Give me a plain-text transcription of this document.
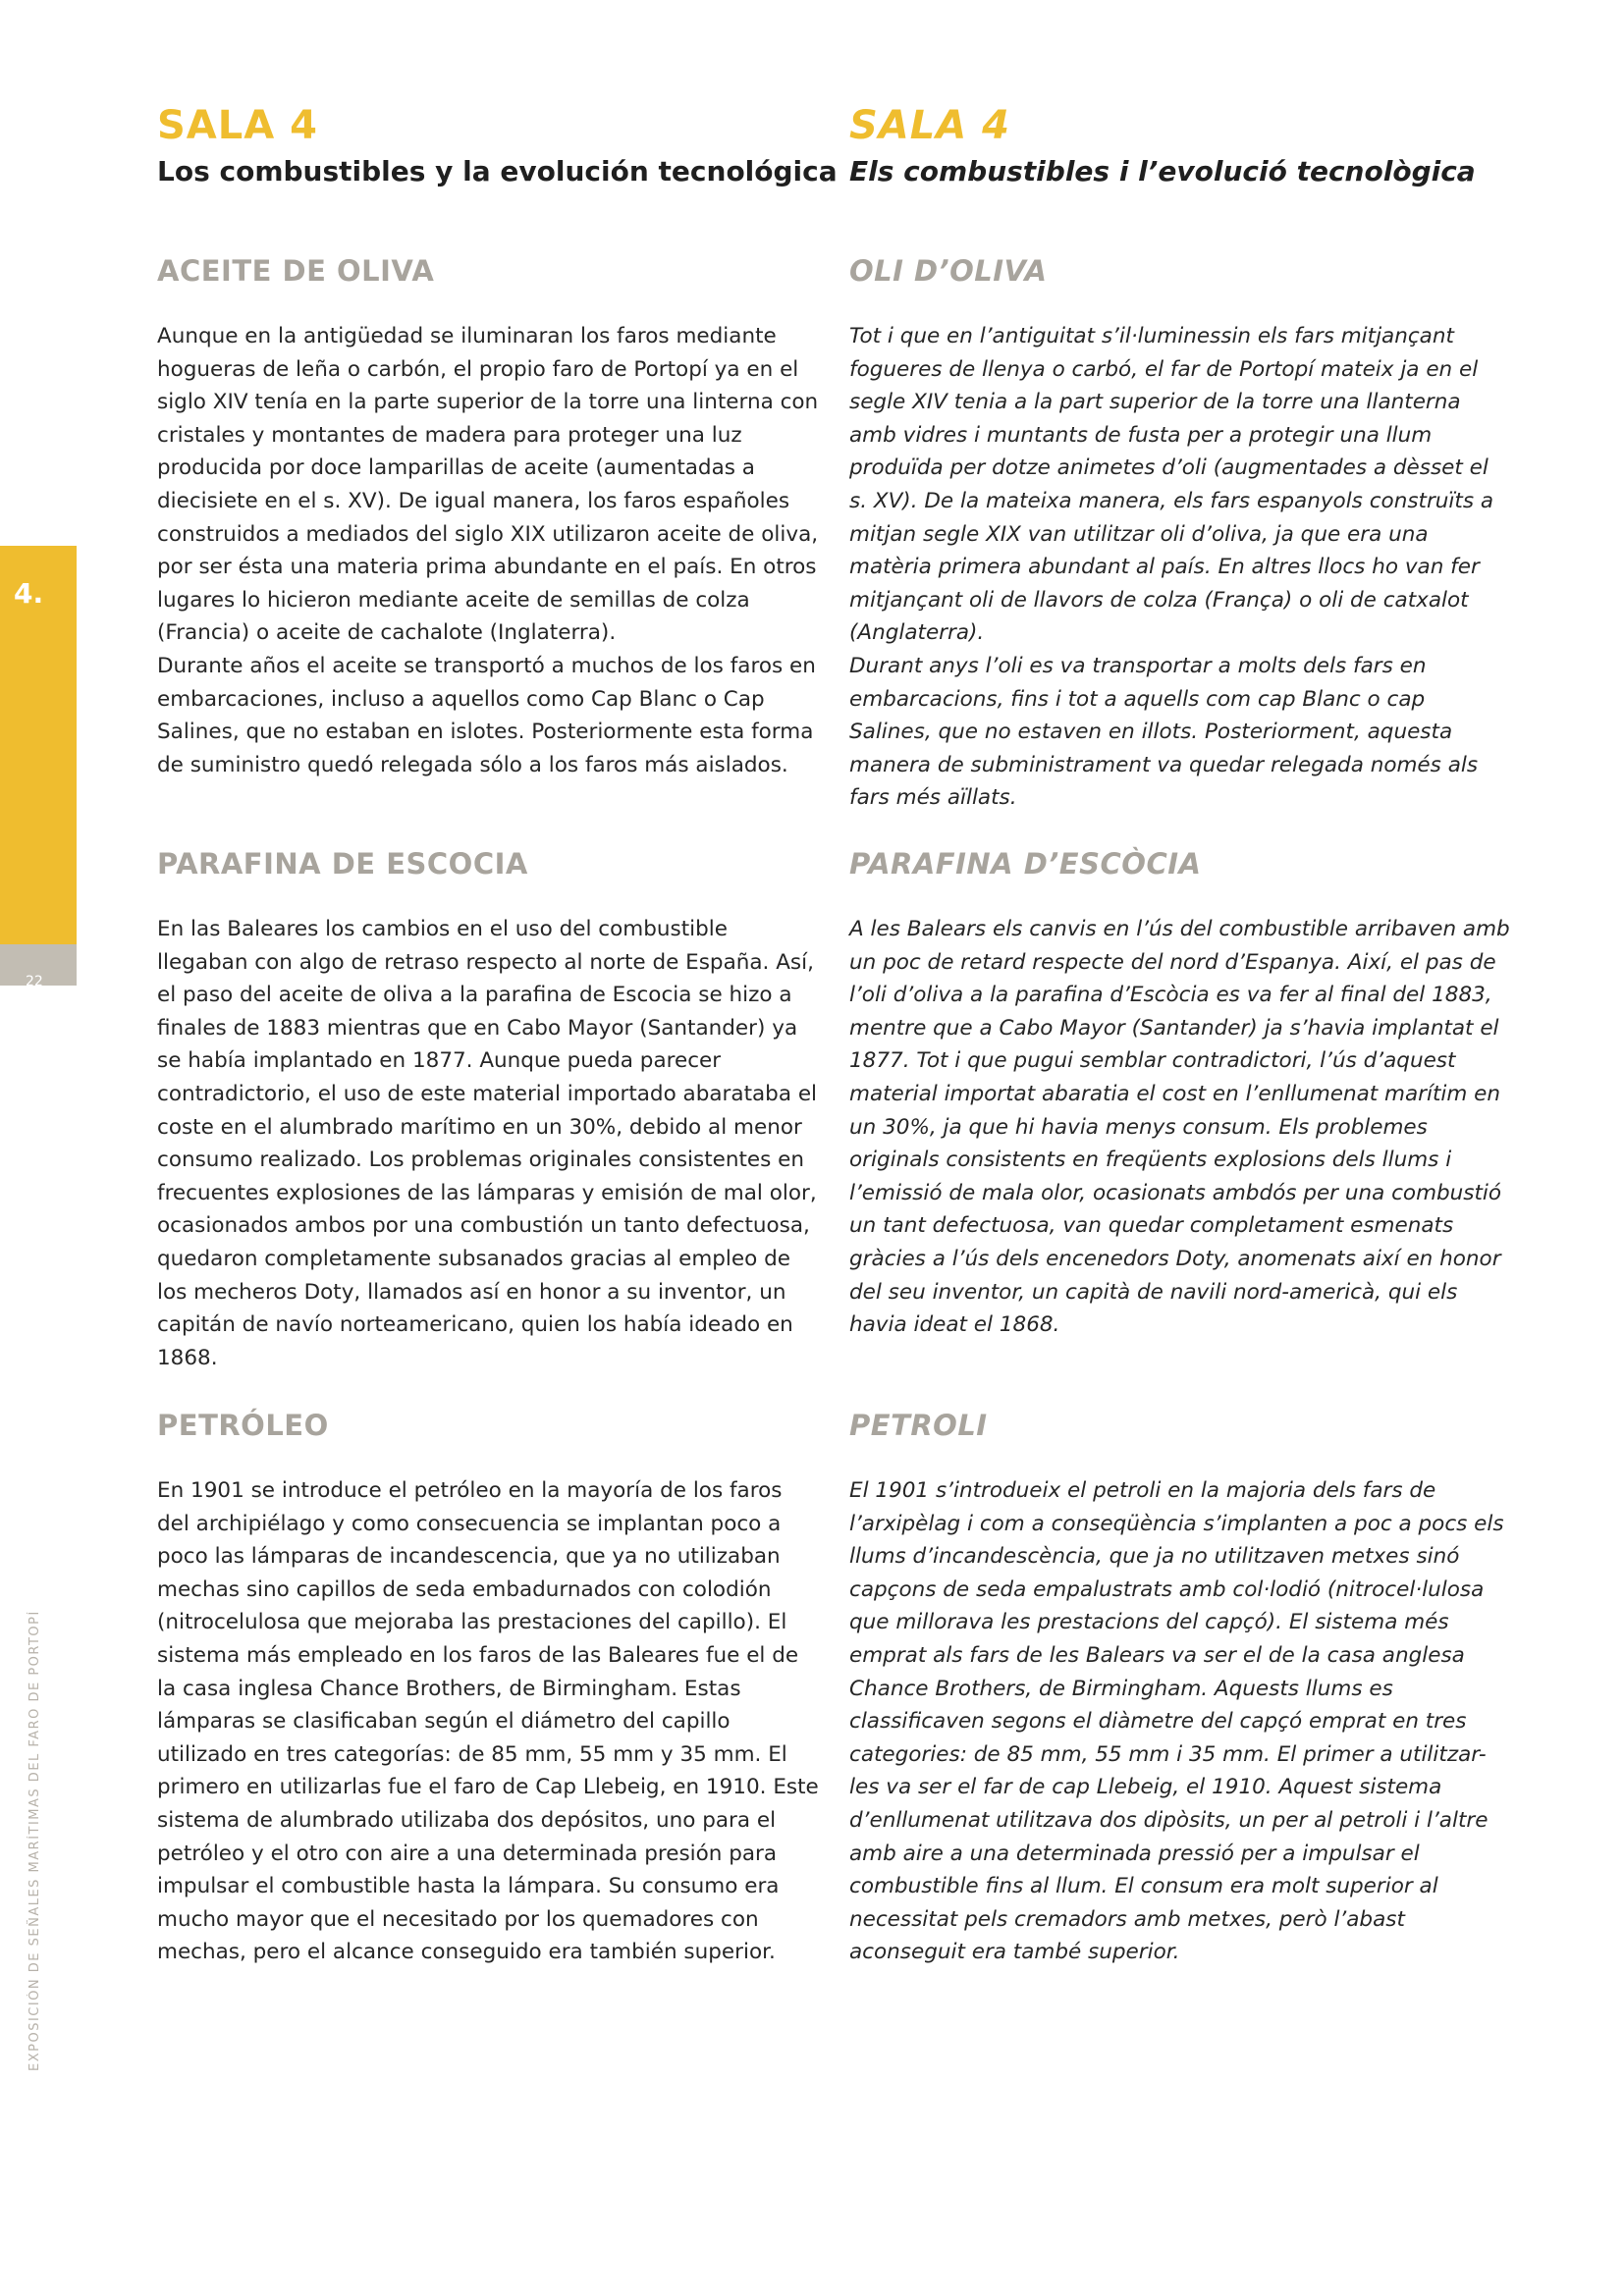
4.
22
EXPOSICIÓN DE SEÑALES MARÍTIMAS DEL FARO DE PORTOPÍ
SALA 4
Los combustibles y la evolución tecnológica
ACEITE DE OLIVA

Aunque en la antigüedad se iluminaran los faros mediante hogueras de leña o carbón, el propio faro de Portopí ya en el siglo XIV tenía en la parte superior de la torre una linterna con cristales y montantes de madera para proteger una luz producida por doce lamparillas de aceite (aumentadas a diecisiete en el s. XV). De igual manera, los faros españoles construidos a mediados del siglo XIX utilizaron aceite de oliva, por ser ésta una materia prima abundante en el país. En otros lugares lo hicieron mediante aceite de semillas de colza (Francia) o aceite de cachalote (Inglaterra).
Durante años el aceite se transportó a muchos de los faros en embarcaciones, incluso a aquellos como Cap Blanc o Cap Salines, que no estaban en islotes. Posteriormente esta forma de suministro quedó relegada sólo a los faros más aislados.

PARAFINA DE ESCOCIA

En las Baleares los cambios en el uso del combustible llegaban con algo de retraso respecto al norte de España. Así, el paso del aceite de oliva a la parafina de Escocia se hizo a finales de 1883 mientras que en Cabo Mayor (Santander) ya se había implantado en 1877. Aunque pueda parecer contradictorio, el uso de este material importado abarataba el coste en el alumbrado marítimo en un 30%, debido al menor consumo realizado. Los problemas originales consistentes en frecuentes explosiones de las lámparas y emisión de mal olor, ocasionados ambos por una combustión un tanto defectuosa, quedaron completamente subsanados gracias al empleo de los mecheros Doty, llamados así en honor a su inventor, un capitán de navío norteamericano, quien los había ideado en 1868.

PETRÓLEO

En 1901 se introduce el petróleo en la mayoría de los faros del archipiélago y como consecuencia se implantan poco a poco las lámparas de incandescencia, que ya no utilizaban mechas sino capillos de seda embadurnados con colodión (nitrocelulosa que mejoraba las prestaciones del capillo). El sistema más empleado en los faros de las Baleares fue el de la casa inglesa Chance Brothers, de Birmingham. Estas lámparas se clasificaban según el diámetro del capillo utilizado en tres categorías: de 85 mm, 55 mm y 35 mm. El primero en utilizarlas fue el faro de Cap Llebeig, en 1910. Este sistema de alumbrado utilizaba dos depósitos, uno para el petróleo y el otro con aire a una determinada presión para impulsar el combustible hasta la lámpara. Su consumo era mucho mayor que el necesitado por los quemadores con mechas, pero el alcance conseguido era también superior.

SALA 4
Els combustibles i l’evolució tecnològica
OLI D’OLIVA

Tot i que en l’antiguitat s’il·luminessin els fars mitjançant fogueres de llenya o carbó, el far de Portopí mateix ja en el segle XIV tenia a la part superior de la torre una llanterna amb vidres i muntants de fusta per a protegir una llum produïda per dotze animetes d’oli (augmentades a dèsset el s. XV). De la mateixa manera, els fars espanyols construïts a mitjan segle XIX van utilitzar oli d’oliva, ja que era una matèria primera abundant al país. En altres llocs ho van fer mitjançant oli de llavors de colza (França) o oli de catxalot (Anglaterra).
Durant anys l’oli es va transportar a molts dels fars en embarcacions, fins i tot a aquells com cap Blanc o cap Salines, que no estaven en illots. Posteriorment, aquesta manera de subministrament va quedar relegada només als fars més aïllats.

PARAFINA D’ESCÒCIA

A les Balears els canvis en l’ús del combustible arribaven amb un poc de retard respecte del nord d’Espanya. Així, el pas de l’oli d’oliva a la parafina d’Escòcia es va fer al final del 1883, mentre que a Cabo Mayor (Santander) ja s’havia implantat el 1877. Tot i que pugui semblar contradictori, l’ús d’aquest material importat abaratia el cost en l’enllumenat marítim en un 30%, ja que hi havia menys consum. Els problemes originals consistents en freqüents explosions dels llums i l’emissió de mala olor, ocasionats ambdós per una combustió un tant defectuosa, van quedar completament esmenats gràcies a l’ús dels encenedors Doty, anomenats així en honor del seu inventor, un capità de navili nord-americà, qui els havia ideat el 1868.

PETROLI

El 1901 s’introdueix el petroli en la majoria dels fars de l’arxipèlag i com a conseqüència s’implanten a poc a pocs els llums d’incandescència, que ja no utilitzaven metxes sinó capçons de seda empalustrats amb col·lodió (nitrocel·lulosa que millorava les prestacions del capçó). El sistema més emprat als fars de les Balears va ser el de la casa anglesa Chance Brothers, de Birmingham. Aquests llums es classificaven segons el diàmetre del capçó emprat en tres categories: de 85 mm, 55 mm i 35 mm. El primer a utilitzar-les va ser el far de cap Llebeig, el 1910. Aquest sistema d’enllumenat utilitzava dos dipòsits, un per al petroli i l’altre amb aire a una determinada pressió per a impulsar el combustible fins al llum. El consum era molt superior al necessitat pels cremadors amb metxes, però l’abast aconseguit era també superior.
